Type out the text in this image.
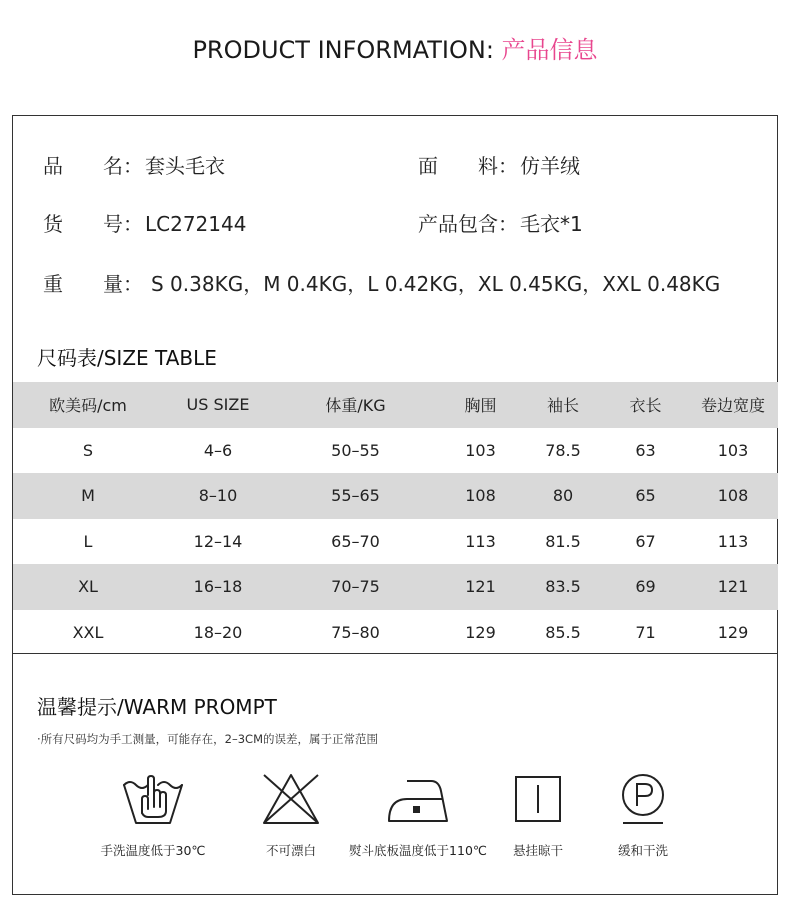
PRODUCT INFORMATION: 产品信息
品　　名： 套头毛衣	面　　料： 仿羊绒
货　　号： LC272144	产品包含： 毛衣*1
重　　量： S 0.38KG，M 0.4KG，L 0.42KG，XL 0.45KG，XXL 0.48KG
尺码表/SIZE TABLE
欧美码/cm	US SIZE	体重/KG	胸围	袖长	衣长	卷边宽度
S	4–6	50–55	103	78.5	63	103
M	8–10	55–65	108	80	65	108
L	12–14	65–70	113	81.5	67	113
XL	16–18	70–75	121	83.5	69	121
XXL	18–20	75–80	129	85.5	71	129
温馨提示/WARM PROMPT
·所有尺码均为手工测量，可能存在，2–3CM的误差，属于正常范围
手洗温度低于30℃	不可漂白	熨斗底板温度低于110℃	悬挂晾干	缓和干洗
